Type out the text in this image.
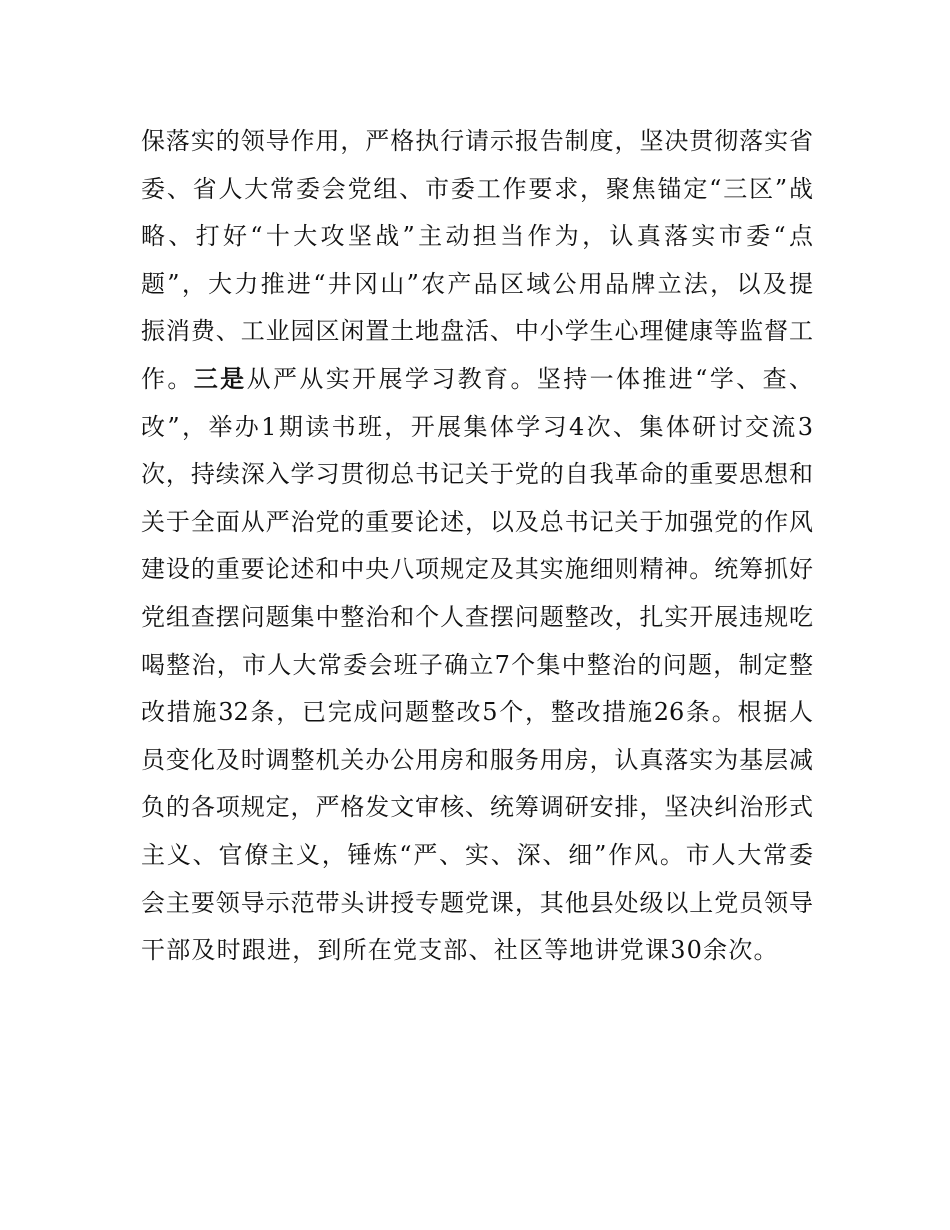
保落实的领导作用，严格执行请示报告制度，坚决贯彻落实省
委、省人大常委会党组、市委工作要求，聚焦锚定“三区”战
略、打好“十大攻坚战”主动担当作为，认真落实市委“点
题”，大力推进“井冈山”农产品区域公用品牌立法，以及提
振消费、工业园区闲置土地盘活、中小学生心理健康等监督工
作。三是从严从实开展学习教育。坚持一体推进“学、查、
改”，举办1期读书班，开展集体学习4次、集体研讨交流3
次，持续深入学习贯彻总书记关于党的自我革命的重要思想和
关于全面从严治党的重要论述，以及总书记关于加强党的作风
建设的重要论述和中央八项规定及其实施细则精神。统筹抓好
党组查摆问题集中整治和个人查摆问题整改，扎实开展违规吃
喝整治，市人大常委会班子确立7个集中整治的问题，制定整
改措施32条，已完成问题整改5个，整改措施26条。根据人
员变化及时调整机关办公用房和服务用房，认真落实为基层减
负的各项规定，严格发文审核、统筹调研安排，坚决纠治形式
主义、官僚主义，锤炼“严、实、深、细”作风。市人大常委
会主要领导示范带头讲授专题党课，其他县处级以上党员领导
干部及时跟进，到所在党支部、社区等地讲党课30余次。
